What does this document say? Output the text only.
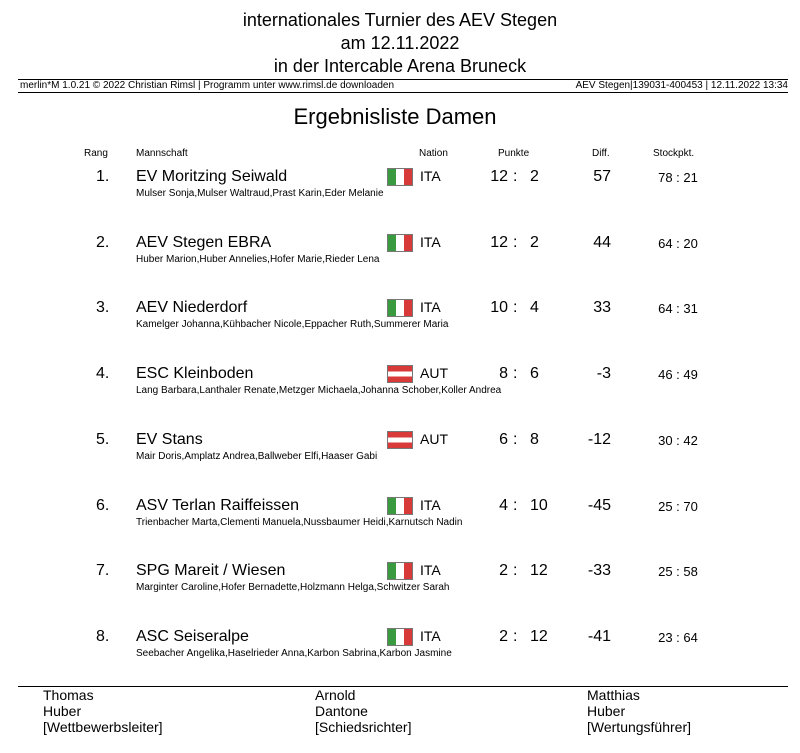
internationales Turnier des AEV Stegen
am 12.11.2022
in der Intercable Arena Bruneck
merlin*M 1.0.21 © 2022 Christian Rimsl | Programm unter www.rimsl.de downloaden	AEV Stegen|139031-400453 | 12.11.2022 13:34
Ergebnisliste Damen
Rang	Mannschaft	Nation	Punkte	Diff.	Stockpkt.
1. EV Moritzing Seiwald
Mulser Sonja,Mulser Waltraud,Prast Karin,Eder Melanie
ITA	12 : 2	57	78 : 21
2. AEV Stegen EBRA
Huber Marion,Huber Annelies,Hofer Marie,Rieder Lena
ITA	12 : 2	44	64 : 20
3. AEV Niederdorf
Kamelger Johanna,Kühbacher Nicole,Eppacher Ruth,Summerer Maria
ITA	10 : 4	33	64 : 31
4. ESC Kleinboden
Lang Barbara,Lanthaler Renate,Metzger Michaela,Johanna Schober,Koller Andrea
AUT	8 : 6	-3	46 : 49
5. EV Stans
Mair Doris,Amplatz Andrea,Ballweber Elfi,Haaser Gabi
AUT	6 : 8	-12	30 : 42
6. ASV Terlan Raiffeissen
Trienbacher Marta,Clementi Manuela,Nussbaumer Heidi,Karnutsch Nadin
ITA	4 : 10	-45	25 : 70
7. SPG Mareit / Wiesen
Marginter Caroline,Hofer Bernadette,Holzmann Helga,Schwitzer Sarah
ITA	2 : 12	-33	25 : 58
8. ASC Seiseralpe
Seebacher Angelika,Haselrieder Anna,Karbon Sabrina,Karbon Jasmine
ITA	2 : 12	-41	23 : 64
Thomas
Huber
[Wettbewerbsleiter]
Arnold
Dantone
[Schiedsrichter]
Matthias
Huber
[Wertungsführer]
